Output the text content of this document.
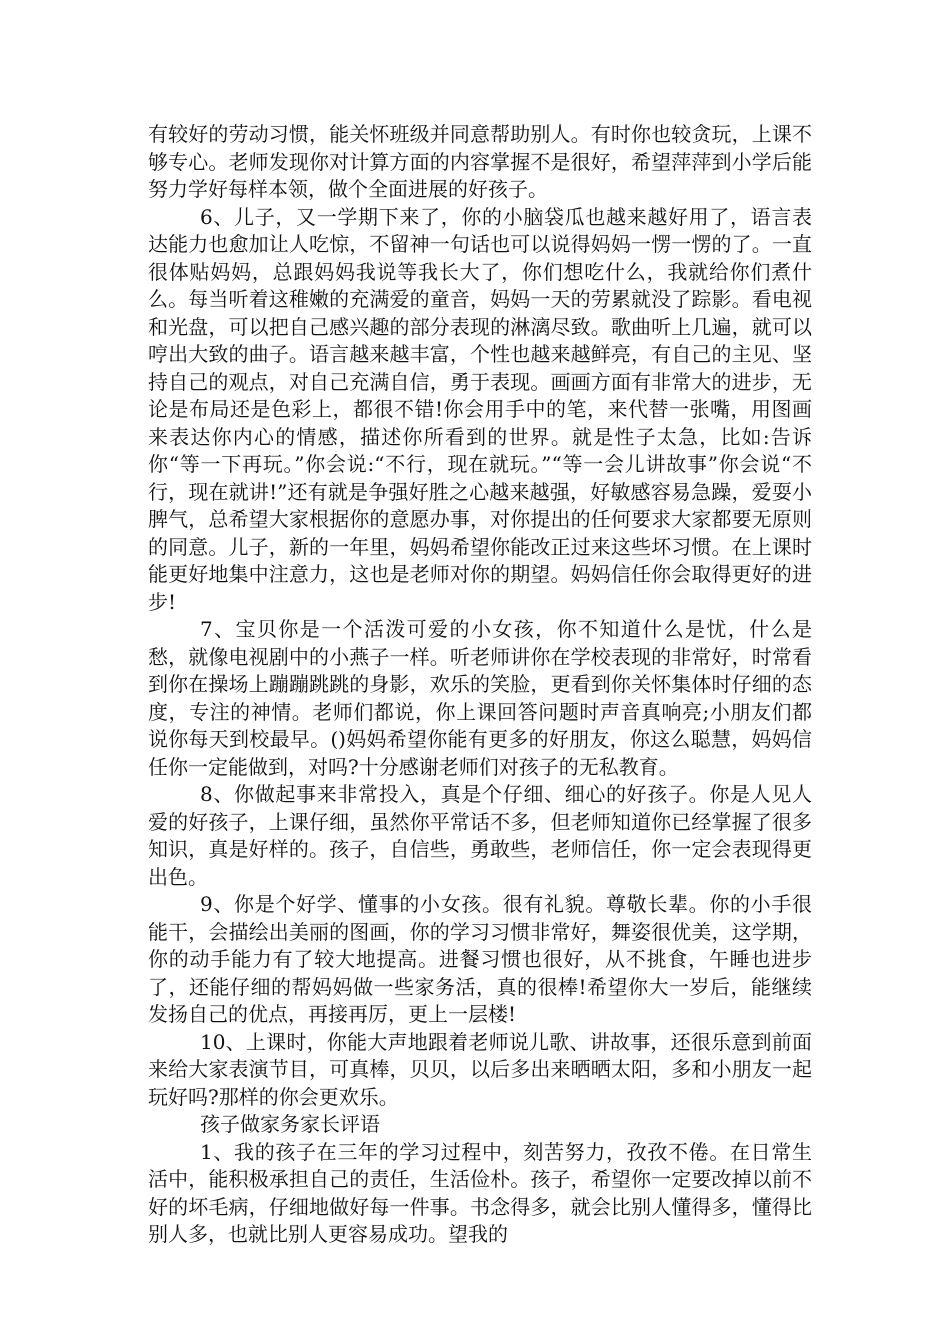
有较好的劳动习惯，能关怀班级并同意帮助别人。有时你也较贪玩，上课不够专心。老师发现你对计算方面的内容掌握不是很好，希望萍萍到小学后能努力学好每样本领，做个全面进展的好孩子。

6、儿子，又一学期下来了，你的小脑袋瓜也越来越好用了，语言表达能力也愈加让人吃惊，不留神一句话也可以说得妈妈一愣一愣的了。一直很体贴妈妈，总跟妈妈我说等我长大了，你们想吃什么，我就给你们煮什么。每当听着这稚嫩的充满爱的童音，妈妈一天的劳累就没了踪影。看电视和光盘，可以把自己感兴趣的部分表现的淋漓尽致。歌曲听上几遍，就可以哼出大致的曲子。语言越来越丰富，个性也越来越鲜亮，有自己的主见、坚持自己的观点，对自己充满自信，勇于表现。画画方面有非常大的进步，无论是布局还是色彩上，都很不错!你会用手中的笔，来代替一张嘴，用图画来表达你内心的情感，描述你所看到的世界。就是性子太急，比如:告诉你“等一下再玩。”你会说:“不行，现在就玩。”“等一会儿讲故事”你会说“不行，现在就讲!”还有就是争强好胜之心越来越强，好敏感容易急躁，爱耍小脾气，总希望大家根据你的意愿办事，对你提出的任何要求大家都要无原则的同意。儿子，新的一年里，妈妈希望你能改正过来这些坏习惯。在上课时能更好地集中注意力，这也是老师对你的期望。妈妈信任你会取得更好的进步!

7、宝贝你是一个活泼可爱的小女孩，你不知道什么是忧，什么是愁，就像电视剧中的小燕子一样。听老师讲你在学校表现的非常好，时常看到你在操场上蹦蹦跳跳的身影，欢乐的笑脸，更看到你关怀集体时仔细的态度，专注的神情。老师们都说，你上课回答问题时声音真响亮;小朋友们都说你每天到校最早。()妈妈希望你能有更多的好朋友，你这么聪慧，妈妈信任你一定能做到，对吗?十分感谢老师们对孩子的无私教育。

8、你做起事来非常投入，真是个仔细、细心的好孩子。你是人见人爱的好孩子，上课仔细，虽然你平常话不多，但老师知道你已经掌握了很多知识，真是好样的。孩子，自信些，勇敢些，老师信任，你一定会表现得更出色。

9、你是个好学、懂事的小女孩。很有礼貌。尊敬长辈。你的小手很能干，会描绘出美丽的图画，你的学习习惯非常好，舞姿很优美，这学期，你的动手能力有了较大地提高。进餐习惯也很好，从不挑食，午睡也进步了，还能仔细的帮妈妈做一些家务活，真的很棒!希望你大一岁后，能继续发扬自己的优点，再接再厉，更上一层楼!

10、上课时，你能大声地跟着老师说儿歌、讲故事，还很乐意到前面来给大家表演节目，可真棒，贝贝，以后多出来晒晒太阳，多和小朋友一起玩好吗?那样的你会更欢乐。

孩子做家务家长评语

1、我的孩子在三年的学习过程中，刻苦努力，孜孜不倦。在日常生活中，能积极承担自己的责任，生活俭朴。孩子，希望你一定要改掉以前不好的坏毛病，仔细地做好每一件事。书念得多，就会比别人懂得多，懂得比别人多，也就比别人更容易成功。望我的
